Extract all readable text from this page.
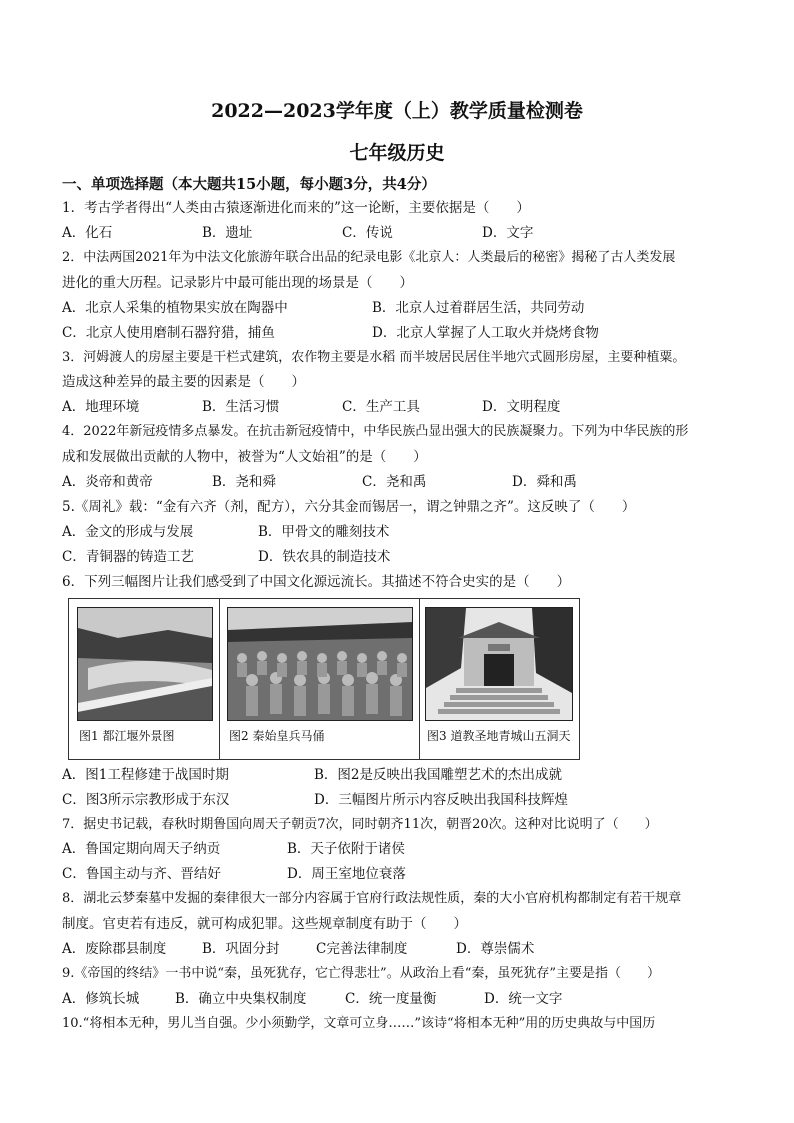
2022—2023学年度（上）教学质量检测卷
七年级历史
一、单项选择题（本大题共15小题，每小题3分，共4分）
1．考古学者得出“人类由古猿逐渐进化而来的”这一论断，主要依据是（　　）
A．化石	B．遗址	C．传说	D．文字
2．中法两国2021年为中法文化旅游年联合出品的纪录电影《北京人：人类最后的秘密》揭秘了古人类发展
进化的重大历程。记录影片中最可能出现的场景是（　　）
A．北京人采集的植物果实放在陶器中	B．北京人过着群居生活，共同劳动
C．北京人使用磨制石器狩猎，捕鱼	D．北京人掌握了人工取火并烧烤食物
3．河姆渡人的房屋主要是干栏式建筑，农作物主要是水稻 而半坡居民居住半地穴式圆形房屋，主要种植粟。
造成这种差异的最主要的因素是（　　）
A．地理环境	B．生活习惯	C．生产工具	D．文明程度
4．2022年新冠疫情多点暴发。在抗击新冠疫情中，中华民族凸显出强大的民族凝聚力。下列为中华民族的形
成和发展做出贡献的人物中，被誉为“人文始祖”的是（　　）
A．炎帝和黄帝	B．尧和舜	C．尧和禹	D．舜和禹
5.《周礼》载：“金有六齐（剂，配方），六分其金而锡居一，谓之钟鼎之齐”。这反映了（　　）
A．金文的形成与发展	B．甲骨文的雕刻技术
C．青铜器的铸造工艺	D．铁农具的制造技术
6．下列三幅图片让我们感受到了中国文化源远流长。其描述不符合史实的是（　　）
图1 都江堰外景图	图2 秦始皇兵马俑	图3 道教圣地青城山五洞天
A．图1工程修建于战国时期	B．图2是反映出我国雕塑艺术的杰出成就
C．图3所示宗教形成于东汉	D．三幅图片所示内容反映出我国科技辉煌
7．据史书记载，春秋时期鲁国向周天子朝贡7次，同时朝齐11次，朝晋20次。这种对比说明了（　　）
A．鲁国定期向周天子纳贡	B．天子依附于诸侯
C．鲁国主动与齐、晋结好	D．周王室地位衰落
8．湖北云梦秦墓中发掘的秦律很大一部分内容属于官府行政法规性质，秦的大小官府机构都制定有若干规章
制度。官吏若有违反，就可构成犯罪。这些规章制度有助于（　　）
A．废除郡县制度	B．巩固分封	C完善法律制度	D．尊崇儒术
9.《帝国的终结》一书中说“秦，虽死犹存，它亡得悲壮”。从政治上看“秦，虽死犹存”主要是指（　　）
A．修筑长城	B．确立中央集权制度	C．统一度量衡	D．统一文字
10.“将相本无种，男儿当自强。少小须勤学，文章可立身……”该诗“将相本无种”用的历史典故与中国历
